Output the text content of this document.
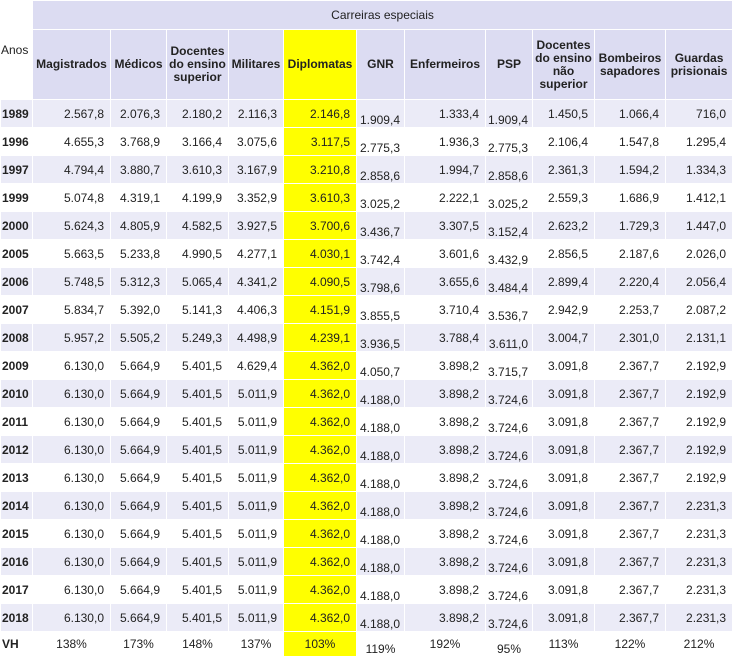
Anos	Carreiras especiais										
	Magistrados	Médicos	Docentes do ensino superior	Militares	Diplomatas	GNR	Enfermeiros	PSP	Docentes do ensino não superior	Bombeiros sapadores	Guardas prisionais
1989	2.567,8	2.076,3	2.180,2	2.116,3	2.146,8	1.909,4	1.333,4	1.909,4	1.450,5	1.066,4	716,0
1996	4.655,3	3.768,9	3.166,4	3.075,6	3.117,5	2.775,3	1.936,3	2.775,3	2.106,4	1.547,8	1.295,4
1997	4.794,4	3.880,7	3.610,3	3.167,9	3.210,8	2.858,6	1.994,7	2.858,6	2.361,3	1.594,2	1.334,3
1999	5.074,8	4.319,1	4.199,9	3.352,9	3.610,3	3.025,2	2.222,1	3.025,2	2.559,3	1.686,9	1.412,1
2000	5.624,3	4.805,9	4.582,5	3.927,5	3.700,6	3.436,7	3.307,5	3.152,4	2.623,2	1.729,3	1.447,0
2005	5.663,5	5.233,8	4.990,5	4.277,1	4.030,1	3.742,4	3.601,6	3.432,9	2.856,5	2.187,6	2.026,0
2006	5.748,5	5.312,3	5.065,4	4.341,2	4.090,5	3.798,6	3.655,6	3.484,4	2.899,4	2.220,4	2.056,4
2007	5.834,7	5.392,0	5.141,3	4.406,3	4.151,9	3.855,5	3.710,4	3.536,7	2.942,9	2.253,7	2.087,2
2008	5.957,2	5.505,2	5.249,3	4.498,9	4.239,1	3.936,5	3.788,4	3.611,0	3.004,7	2.301,0	2.131,1
2009	6.130,0	5.664,9	5.401,5	4.629,4	4.362,0	4.050,7	3.898,2	3.715,7	3.091,8	2.367,7	2.192,9
2010	6.130,0	5.664,9	5.401,5	5.011,9	4.362,0	4.188,0	3.898,2	3.724,6	3.091,8	2.367,7	2.192,9
2011	6.130,0	5.664,9	5.401,5	5.011,9	4.362,0	4.188,0	3.898,2	3.724,6	3.091,8	2.367,7	2.192,9
2012	6.130,0	5.664,9	5.401,5	5.011,9	4.362,0	4.188,0	3.898,2	3.724,6	3.091,8	2.367,7	2.192,9
2013	6.130,0	5.664,9	5.401,5	5.011,9	4.362,0	4.188,0	3.898,2	3.724,6	3.091,8	2.367,7	2.192,9
2014	6.130,0	5.664,9	5.401,5	5.011,9	4.362,0	4.188,0	3.898,2	3.724,6	3.091,8	2.367,7	2.231,3
2015	6.130,0	5.664,9	5.401,5	5.011,9	4.362,0	4.188,0	3.898,2	3.724,6	3.091,8	2.367,7	2.231,3
2016	6.130,0	5.664,9	5.401,5	5.011,9	4.362,0	4.188,0	3.898,2	3.724,6	3.091,8	2.367,7	2.231,3
2017	6.130,0	5.664,9	5.401,5	5.011,9	4.362,0	4.188,0	3.898,2	3.724,6	3.091,8	2.367,7	2.231,3
2018	6.130,0	5.664,9	5.401,5	5.011,9	4.362,0	4.188,0	3.898,2	3.724,6	3.091,8	2.367,7	2.231,3
VH	138%	173%	148%	137%	103%	119%	192%	95%	113%	122%	212%
